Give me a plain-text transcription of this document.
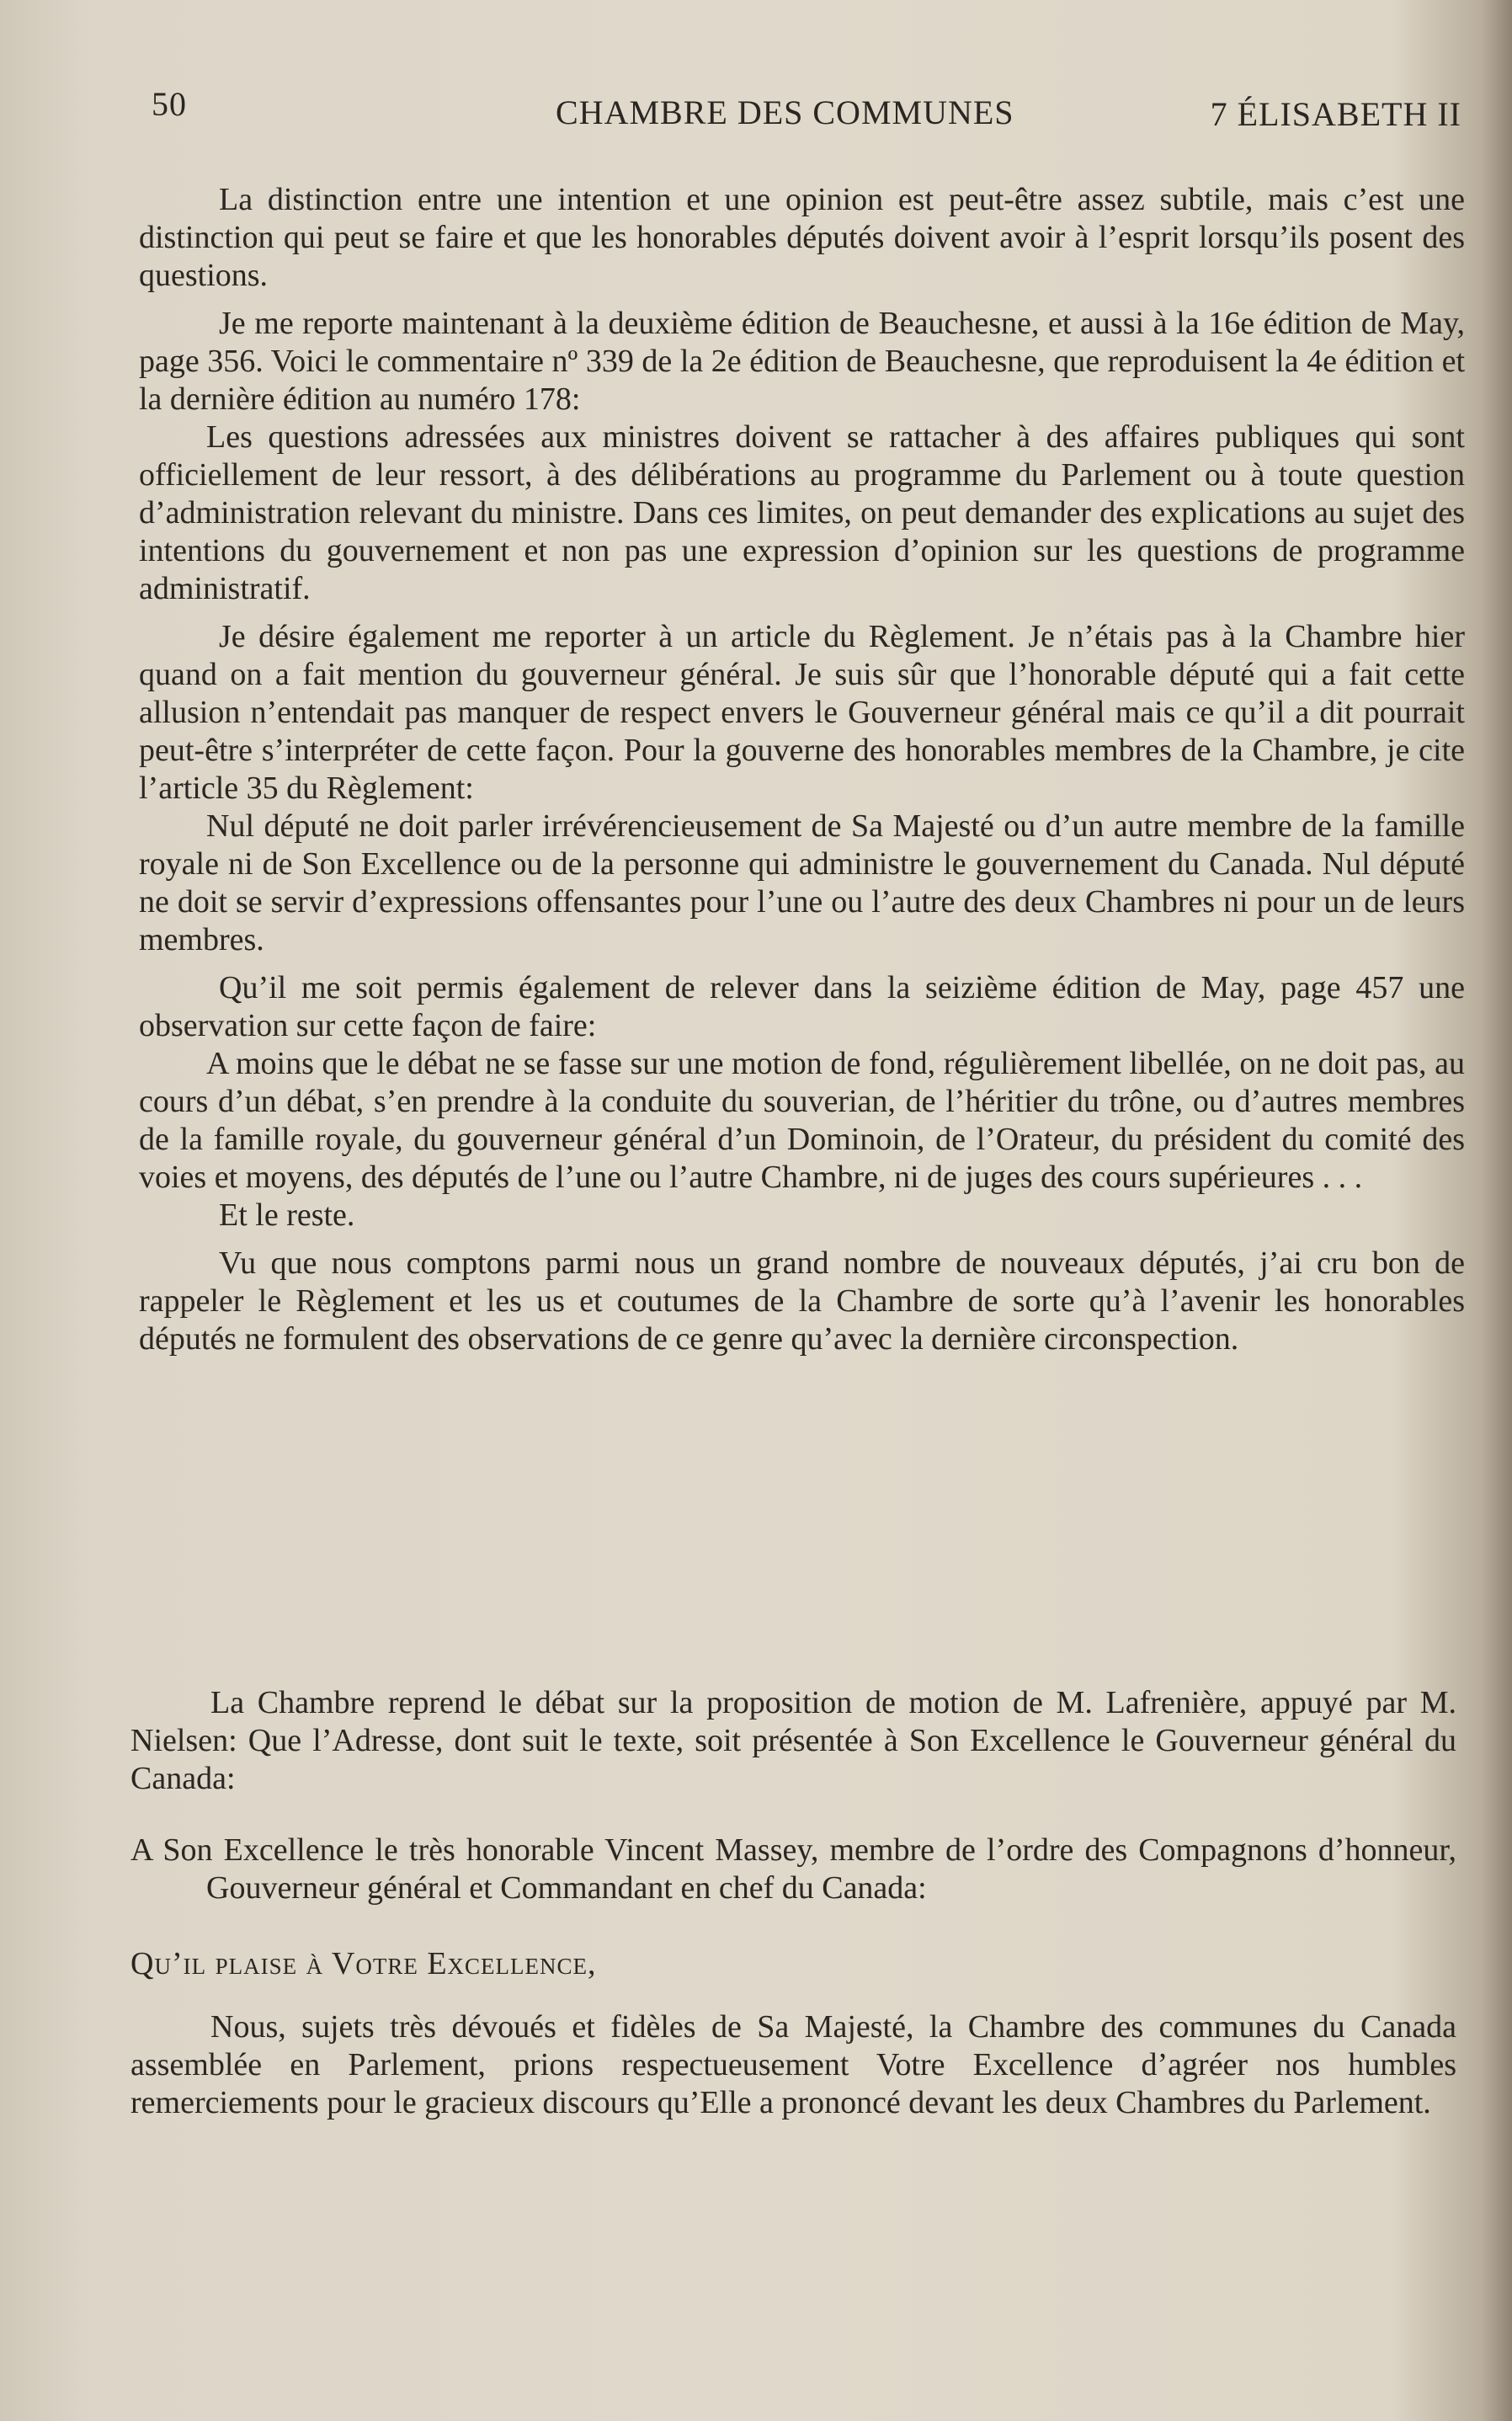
50	CHAMBRE DES COMMUNES	7 ÉLISABETH II

La distinction entre une intention et une opinion est peut-être assez subtile, mais c’est une distinction qui peut se faire et que les honorables députés doivent avoir à l’esprit lorsqu’ils posent des questions.

Je me reporte maintenant à la deuxième édition de Beauchesne, et aussi à la 16e édition de May, page 356. Voici le commentaire nº 339 de la 2e édition de Beauchesne, que reproduisent la 4e édition et la dernière édition au numéro 178:

Les questions adressées aux ministres doivent se rattacher à des affaires publiques qui sont officiellement de leur ressort, à des délibérations au programme du Parlement ou à toute question d’administration relevant du ministre. Dans ces limites, on peut demander des explications au sujet des intentions du gouvernement et non pas une expression d’opinion sur les questions de programme administratif.

Je désire également me reporter à un article du Règlement. Je n’étais pas à la Chambre hier quand on a fait mention du gouverneur général. Je suis sûr que l’honorable député qui a fait cette allusion n’entendait pas manquer de respect envers le Gouverneur général mais ce qu’il a dit pourrait peut-être s’interpréter de cette façon. Pour la gouverne des honorables membres de la Chambre, je cite l’article 35 du Règlement:

Nul député ne doit parler irrévérencieusement de Sa Majesté ou d’un autre membre de la famille royale ni de Son Excellence ou de la personne qui administre le gouvernement du Canada. Nul député ne doit se servir d’expressions offensantes pour l’une ou l’autre des deux Chambres ni pour un de leurs membres.

Qu’il me soit permis également de relever dans la seizième édition de May, page 457 une observation sur cette façon de faire:

A moins que le débat ne se fasse sur une motion de fond, régulièrement libellée, on ne doit pas, au cours d’un débat, s’en prendre à la conduite du souverian, de l’héritier du trône, ou d’autres membres de la famille royale, du gouverneur général d’un Dominoin, de l’Orateur, du président du comité des voies et moyens, des députés de l’une ou l’autre Chambre, ni de juges des cours supérieures . . .

Et le reste.

Vu que nous comptons parmi nous un grand nombre de nouveaux députés, j’ai cru bon de rappeler le Règlement et les us et coutumes de la Chambre de sorte qu’à l’avenir les honorables députés ne formulent des observations de ce genre qu’avec la dernière circonspection.

La Chambre reprend le débat sur la proposition de motion de M. Lafrenière, appuyé par M. Nielsen: Que l’Adresse, dont suit le texte, soit présentée à Son Excellence le Gouverneur général du Canada:

A Son Excellence le très honorable Vincent Massey, membre de l’ordre des Compagnons d’honneur, Gouverneur général et Commandant en chef du Canada:

Qu’il plaise à Votre Excellence,

Nous, sujets très dévoués et fidèles de Sa Majesté, la Chambre des communes du Canada assemblée en Parlement, prions respectueusement Votre Excellence d’agréer nos humbles remerciements pour le gracieux discours qu’Elle a prononcé devant les deux Chambres du Parlement.
